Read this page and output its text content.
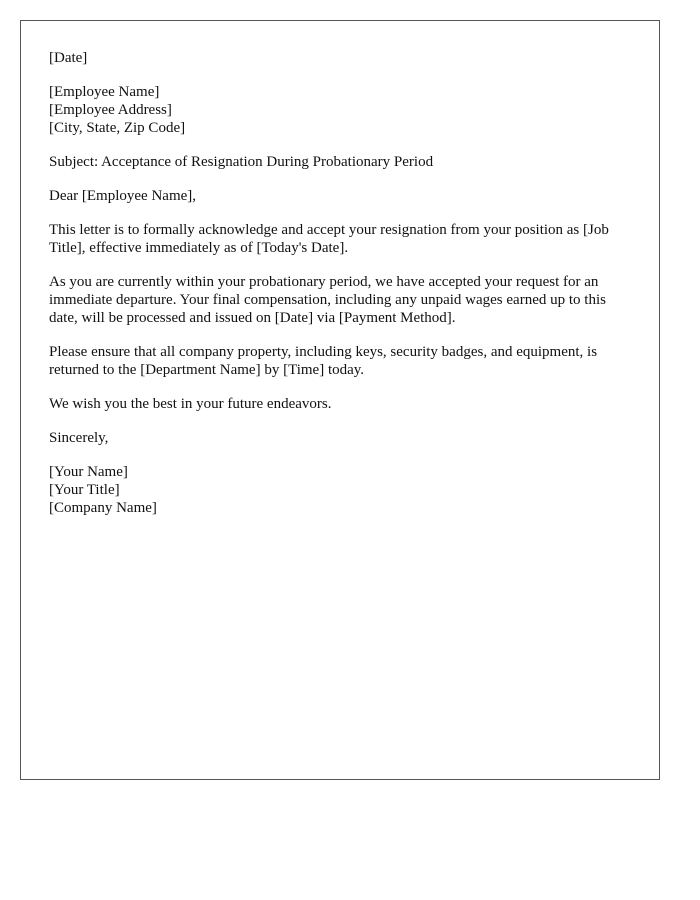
[Date]
[Employee Name]
[Employee Address]
[City, State, Zip Code]
Subject: Acceptance of Resignation During Probationary Period
Dear [Employee Name],

This letter is to formally acknowledge and accept your resignation from your position as [Job Title], effective immediately as of [Today's Date].

As you are currently within your probationary period, we have accepted your request for an immediate departure. Your final compensation, including any unpaid wages earned up to this date, will be processed and issued on [Date] via [Payment Method].

Please ensure that all company property, including keys, security badges, and equipment, is returned to the [Department Name] by [Time] today.

We wish you the best in your future endeavors.

Sincerely,
[Your Name]
[Your Title]
[Company Name]
